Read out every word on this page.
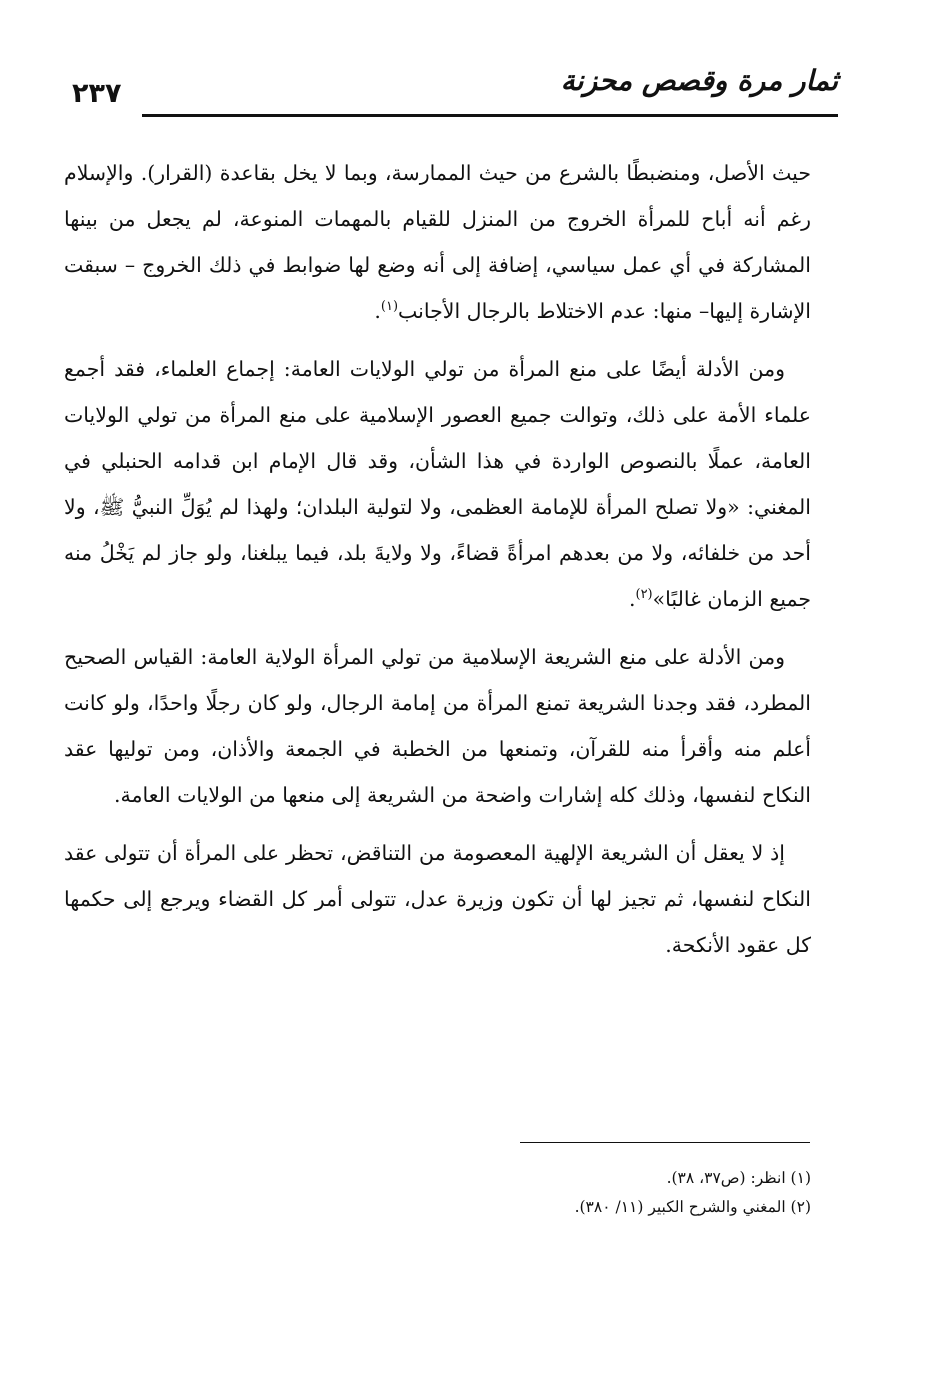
٢٣٧	ثمار مرة وقصص محزنة

حيث الأصل، ومنضبطًا بالشرع من حيث الممارسة، وبما لا يخل بقاعدة (القرار). والإسلام رغم أنه أباح للمرأة الخروج من المنزل للقيام بالمهمات المنوعة، لم يجعل من بينها المشاركة في أي عمل سياسي، إضافة إلى أنه وضع لها ضوابط في ذلك الخروج – سبقت الإشارة إليها– منها: عدم الاختلاط بالرجال الأجانب$^{(١)}$.

ومن الأدلة أيضًا على منع المرأة من تولي الولايات العامة: إجماع العلماء، فقد أجمع علماء الأمة على ذلك، وتوالت جميع العصور الإسلامية على منع المرأة من تولي الولايات العامة، عملًا بالنصوص الواردة في هذا الشأن، وقد قال الإمام ابن قدامه الحنبلي في المغني: «ولا تصلح المرأة للإمامة العظمى، ولا لتولية البلدان؛ ولهذا لم يُوَلِّ النبيُّ ﷺ، ولا أحد من خلفائه، ولا من بعدهم امرأةً قضاءً، ولا ولايةَ بلد، فيما يبلغنا، ولو جاز لم يَخْلُ منه جميع الزمان غالبًا»$^{(٢)}$.

ومن الأدلة على منع الشريعة الإسلامية من تولي المرأة الولاية العامة: القياس الصحيح المطرد، فقد وجدنا الشريعة تمنع المرأة من إمامة الرجال، ولو كان رجلًا واحدًا، ولو كانت أعلم منه وأقرأ منه للقرآن، وتمنعها من الخطبة في الجمعة والأذان، ومن توليها عقد النكاح لنفسها، وذلك كله إشارات واضحة من الشريعة إلى منعها من الولايات العامة.

إذ لا يعقل أن الشريعة الإلهية المعصومة من التناقض، تحظر على المرأة أن تتولى عقد النكاح لنفسها، ثم تجيز لها أن تكون وزيرة عدل، تتولى أمر كل القضاء ويرجع إلى حكمها كل عقود الأنكحة.

(١) انظر: (ص٣٧، ٣٨).
(٢) المغني والشرح الكبير (١١/ ٣٨٠).
